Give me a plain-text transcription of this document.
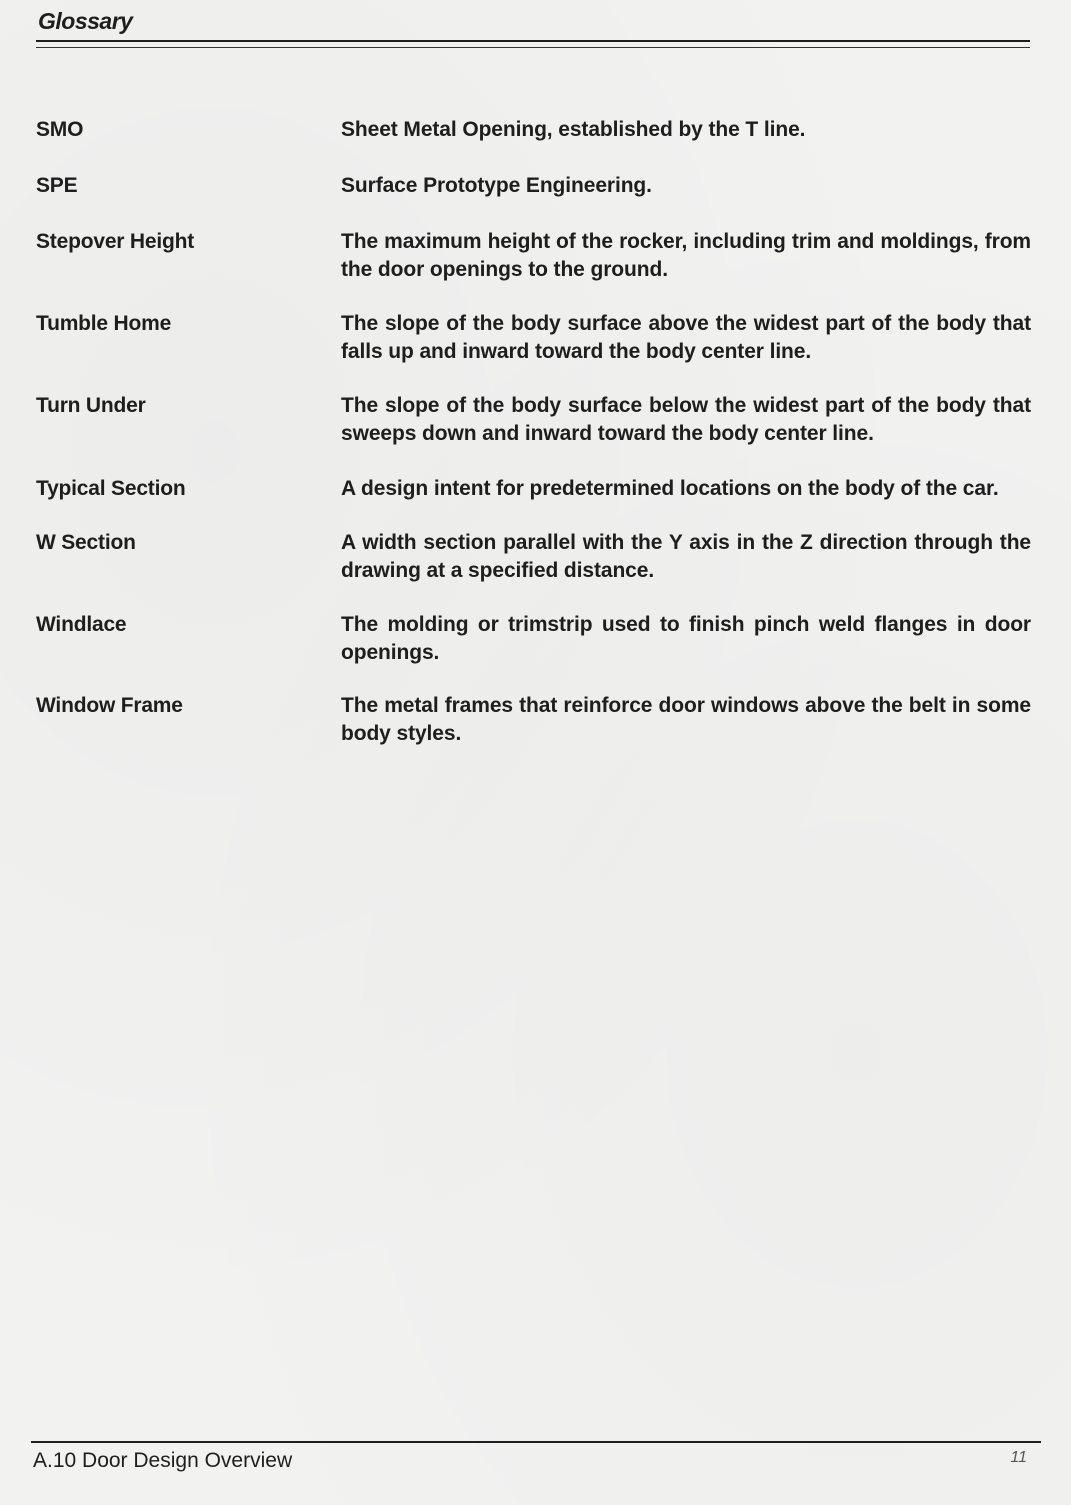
Glossary
SMO	Sheet Metal Opening, established by the T line.
SPE	Surface Prototype Engineering.
Stepover Height	The maximum height of the rocker, including trim and moldings, from the door openings to the ground.
Tumble Home	The slope of the body surface above the widest part of the body that falls up and inward toward the body center line.
Turn Under	The slope of the body surface below the widest part of the body that sweeps down and inward toward the body center line.
Typical Section	A design intent for predetermined locations on the body of the car.
W Section	A width section parallel with the Y axis in the Z direction through the drawing at a specified distance.
Windlace	The molding or trimstrip used to finish pinch weld flanges in door openings.
Window Frame	The metal frames that reinforce door windows above the belt in some body styles.
A.10 Door Design Overview	11
